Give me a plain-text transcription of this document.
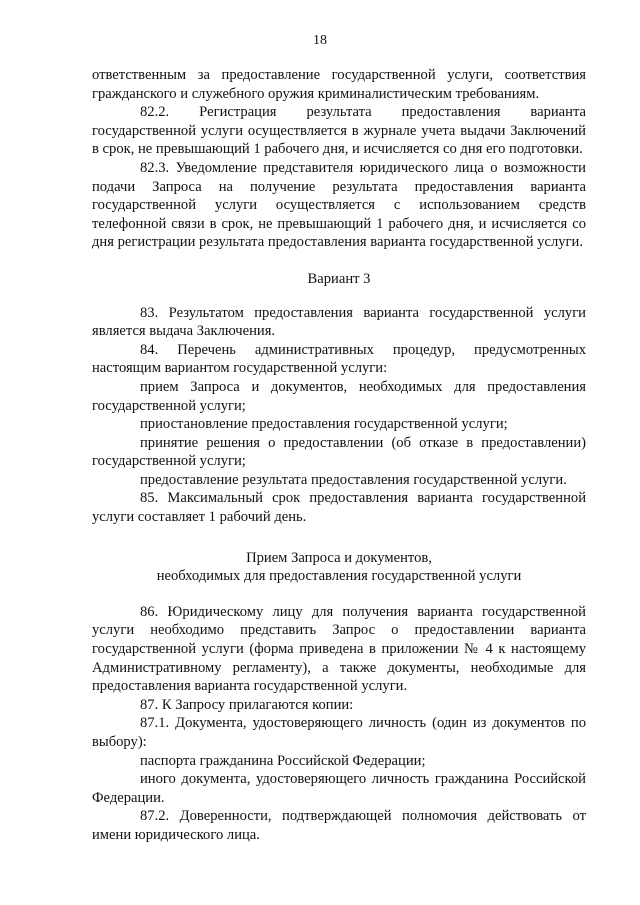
18

ответственным за предоставление государственной услуги, соответствия гражданского и служебного оружия криминалистическим требованиям.

82.2. Регистрация результата предоставления варианта государственной услуги осуществляется в журнале учета выдачи Заключений в срок, не превышающий 1 рабочего дня, и исчисляется со дня его подготовки.

82.3. Уведомление представителя юридического лица о возможности подачи Запроса на получение результата предоставления варианта государственной услуги осуществляется с использованием средств телефонной связи в срок, не превышающий 1 рабочего дня, и исчисляется со дня регистрации результата предоставления варианта государственной услуги.

Вариант 3

83. Результатом предоставления варианта государственной услуги является выдача Заключения.

84. Перечень административных процедур, предусмотренных настоящим вариантом государственной услуги:

прием Запроса и документов, необходимых для предоставления государственной услуги;

приостановление предоставления государственной услуги;

принятие решения о предоставлении (об отказе в предоставлении) государственной услуги;

предоставление результата предоставления государственной услуги.

85. Максимальный срок предоставления варианта государственной услуги составляет 1 рабочий день.

Прием Запроса и документов,

необходимых для предоставления государственной услуги

86. Юридическому лицу для получения варианта государственной услуги необходимо представить Запрос о предоставлении варианта государственной услуги (форма приведена в приложении № 4 к настоящему Административному регламенту), а также документы, необходимые для предоставления варианта государственной услуги.

87. К Запросу прилагаются копии:

87.1. Документа, удостоверяющего личность (один из документов по выбору):

паспорта гражданина Российской Федерации;

иного документа, удостоверяющего личность гражданина Российской Федерации.

87.2. Доверенности, подтверждающей полномочия действовать от имени юридического лица.
